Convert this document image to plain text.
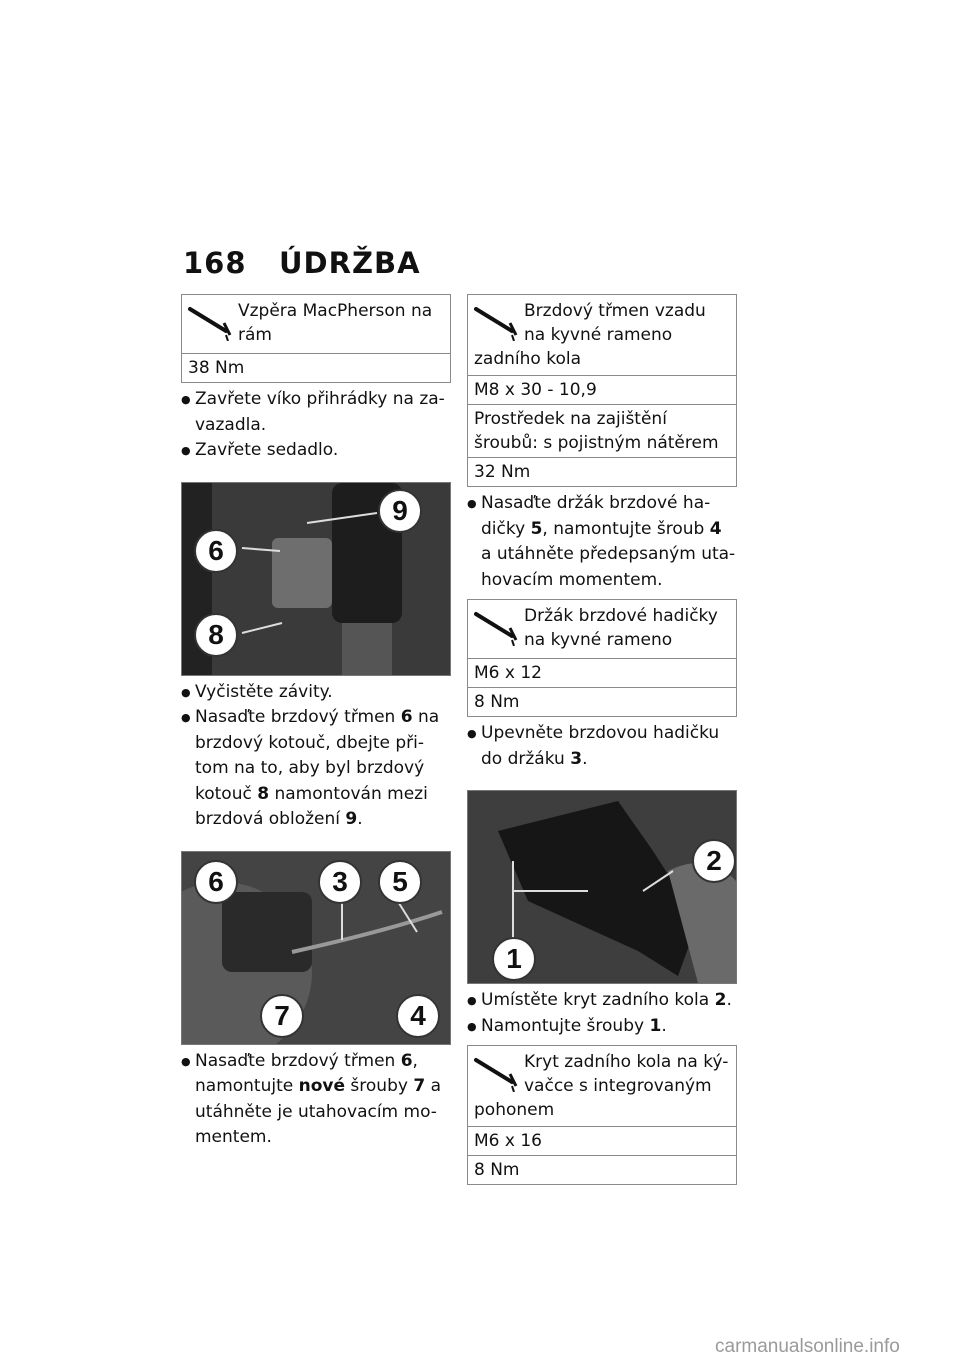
168 ÚDRŽBA
Vzpěra MacPherson na rám
38 Nm
● Zavřete víko přihrádky na za-vazadla.
● Zavřete sedadlo.
9
6
8
● Vyčistěte závity.
● Nasaďte brzdový třmen 6 na brzdový kotouč, dbejte při-tom na to, aby byl brzdový kotouč 8 namontován mezi brzdová obložení 9.
6	3	5
7	4
● Nasaďte brzdový třmen 6, namontujte nové šrouby 7 a utáhněte je utahovacím mo-mentem.
Brzdový třmen vzadu na kyvné rameno zadního kola
M8 x 30 - 10,9
Prostředek na zajištění šroubů: s pojistným nátěrem
32 Nm
● Nasaďte držák brzdové ha-dičky 5, namontujte šroub 4 a utáhněte předepsaným uta-hovacím momentem.
Držák brzdové hadičky na kyvné rameno
M6 x 12
8 Nm
● Upevněte brzdovou hadičku do držáku 3.
2
1
● Umístěte kryt zadního kola 2.
● Namontujte šrouby 1.
Kryt zadního kola na ký-vačce s integrovaným pohonem
M6 x 16
8 Nm
carmanualsonline.info
